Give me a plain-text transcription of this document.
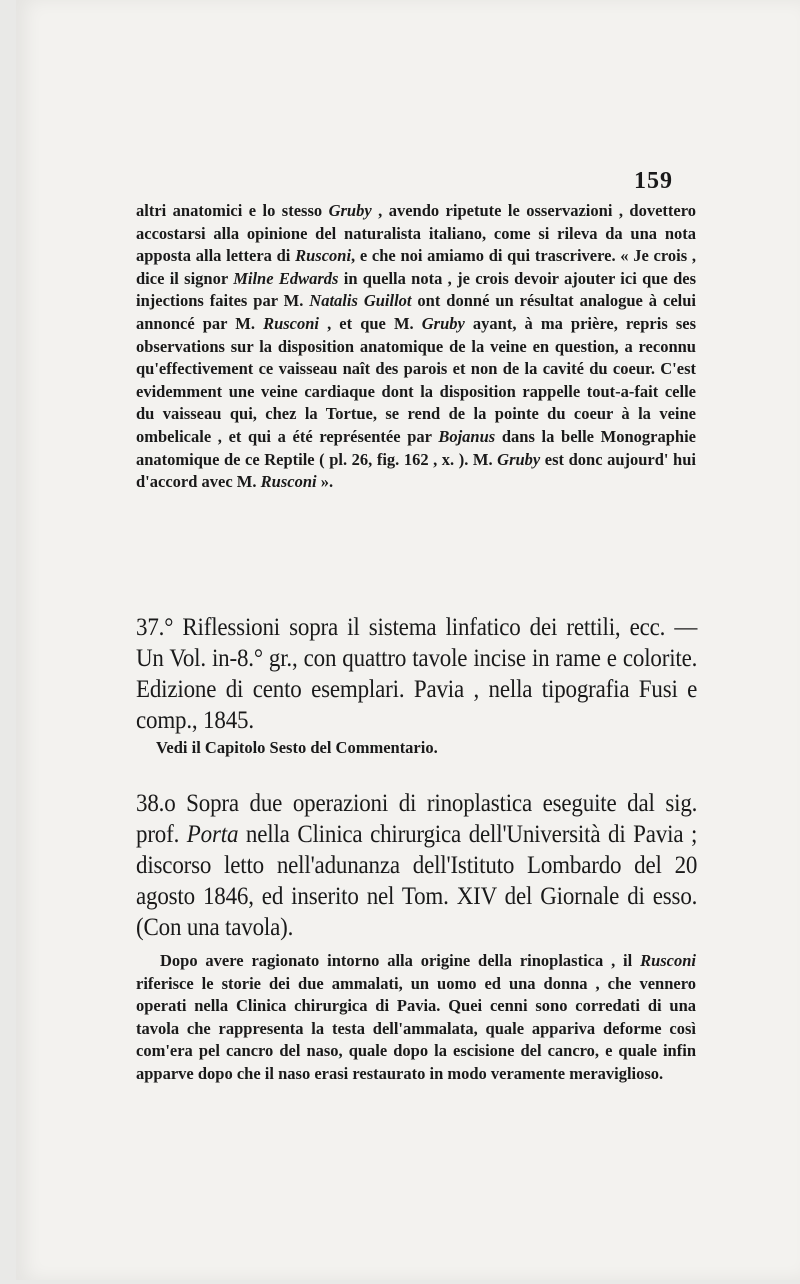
159

altri anatomici e lo stesso Gruby , avendo ripetute le osservazioni , dovettero accostarsi alla opinione del naturalista italiano, come si rileva da una nota apposta alla lettera di Rusconi, e che noi amiamo di qui trascrivere. « Je crois , dice il signor Milne Edwards in quella nota , je crois devoir ajouter ici que des injections faites par M. Natalis Guillot ont donné un résultat analogue à celui annoncé par M. Rusconi , et que M. Gruby ayant, à ma prière, repris ses observations sur la disposition anatomique de la veine en question, a reconnu qu'effectivement ce vaisseau naît des parois et non de la cavité du coeur. C'est evidemment une veine cardiaque dont la disposition rappelle tout-a-fait celle du vaisseau qui, chez la Tortue, se rend de la pointe du coeur à la veine ombelicale , et qui a été représentée par Bojanus dans la belle Monographie anatomique de ce Reptile ( pl. 26, fig. 162 , x. ). M. Gruby est donc aujourd' hui d'accord avec M. Rusconi ».

37.° Riflessioni sopra il sistema linfatico dei rettili, ecc. — Un Vol. in-8.° gr., con quattro tavole incise in rame e colorite. Edizione di cento esemplari. Pavia , nella tipografia Fusi e comp., 1845.
Vedi il Capitolo Sesto del Commentario.
38.o Sopra due operazioni di rinoplastica eseguite dal sig. prof. Porta nella Clinica chirurgica dell'Università di Pavia ; discorso letto nell'adunanza dell'Istituto Lombardo del 20 agosto 1846, ed inserito nel Tom. XIV del Giornale di esso. (Con una tavola).

Dopo avere ragionato intorno alla origine della rinoplastica , il Rusconi riferisce le storie dei due ammalati, un uomo ed una donna , che vennero operati nella Clinica chirurgica di Pavia. Quei cenni sono corredati di una tavola che rappresenta la testa dell'ammalata, quale appariva deforme così com'era pel cancro del naso, quale dopo la escisione del cancro, e quale infin apparve dopo che il naso erasi restaurato in modo veramente meraviglioso.
